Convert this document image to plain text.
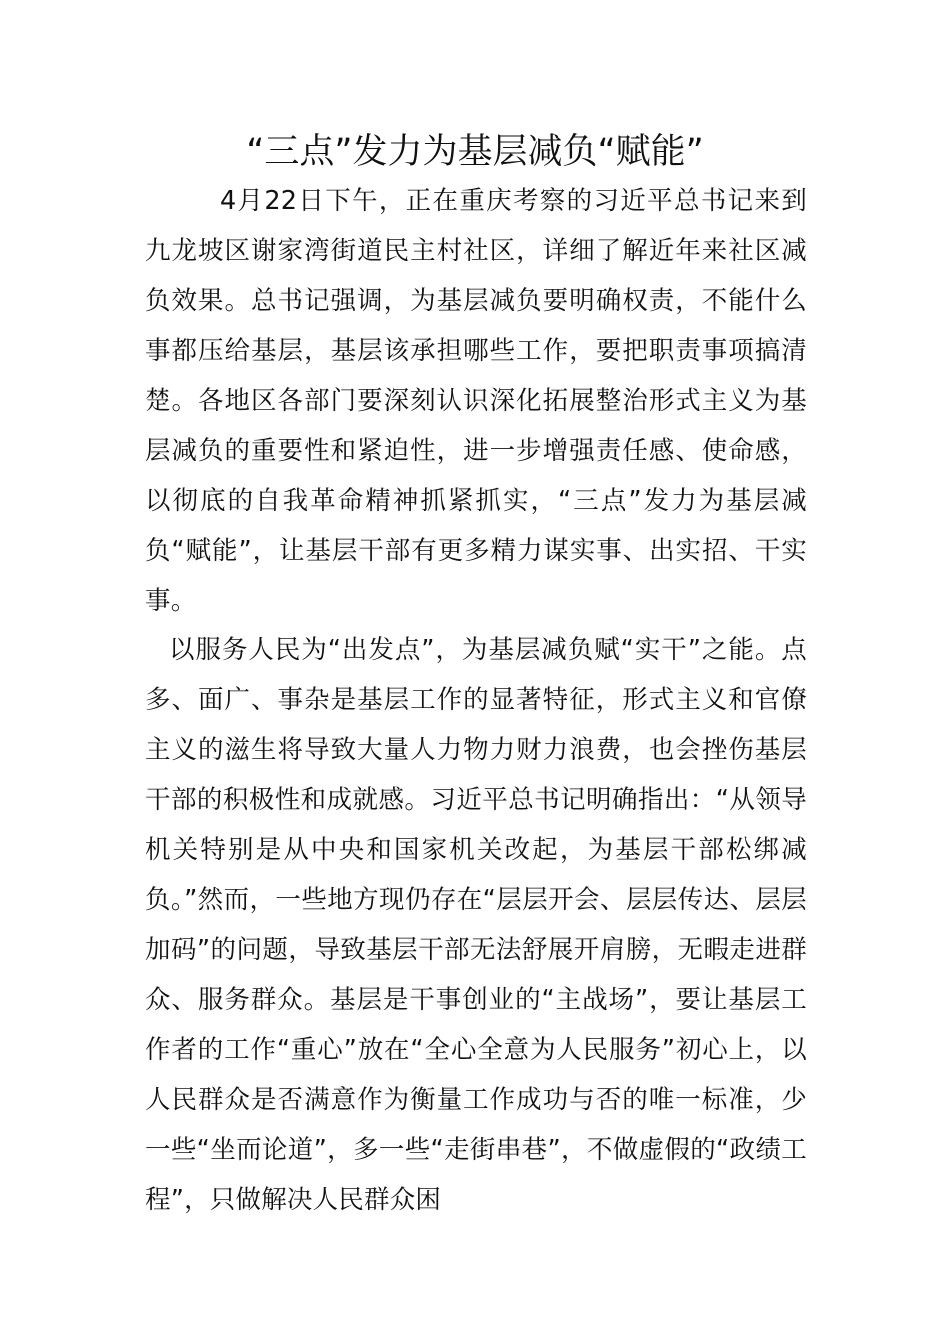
“三点”发力为基层减负“赋能”

4月22日下午，正在重庆考察的习近平总书记来到九龙坡区谢家湾街道民主村社区，详细了解近年来社区减负效果。总书记强调，为基层减负要明确权责，不能什么事都压给基层，基层该承担哪些工作，要把职责事项搞清楚。各地区各部门要深刻认识深化拓展整治形式主义为基层减负的重要性和紧迫性，进一步增强责任感、使命感，以彻底的自我革命精神抓紧抓实，“三点”发力为基层减负“赋能”，让基层干部有更多精力谋实事、出实招、干实事。

以服务人民为“出发点”，为基层减负赋“实干”之能。点多、面广、事杂是基层工作的显著特征，形式主义和官僚主义的滋生将导致大量人力物力财力浪费，也会挫伤基层干部的积极性和成就感。习近平总书记明确指出：“从领导机关特别是从中央和国家机关改起，为基层干部松绑减负。”然而，一些地方现仍存在“层层开会、层层传达、层层加码”的问题，导致基层干部无法舒展开肩膀，无暇走进群众、服务群众。基层是干事创业的“主战场”，要让基层工作者的工作“重心”放在“全心全意为人民服务”初心上，以人民群众是否满意作为衡量工作成功与否的唯一标准，少一些“坐而论道”，多一些“走街串巷”，不做虚假的“政绩工程”，只做解决人民群众困
